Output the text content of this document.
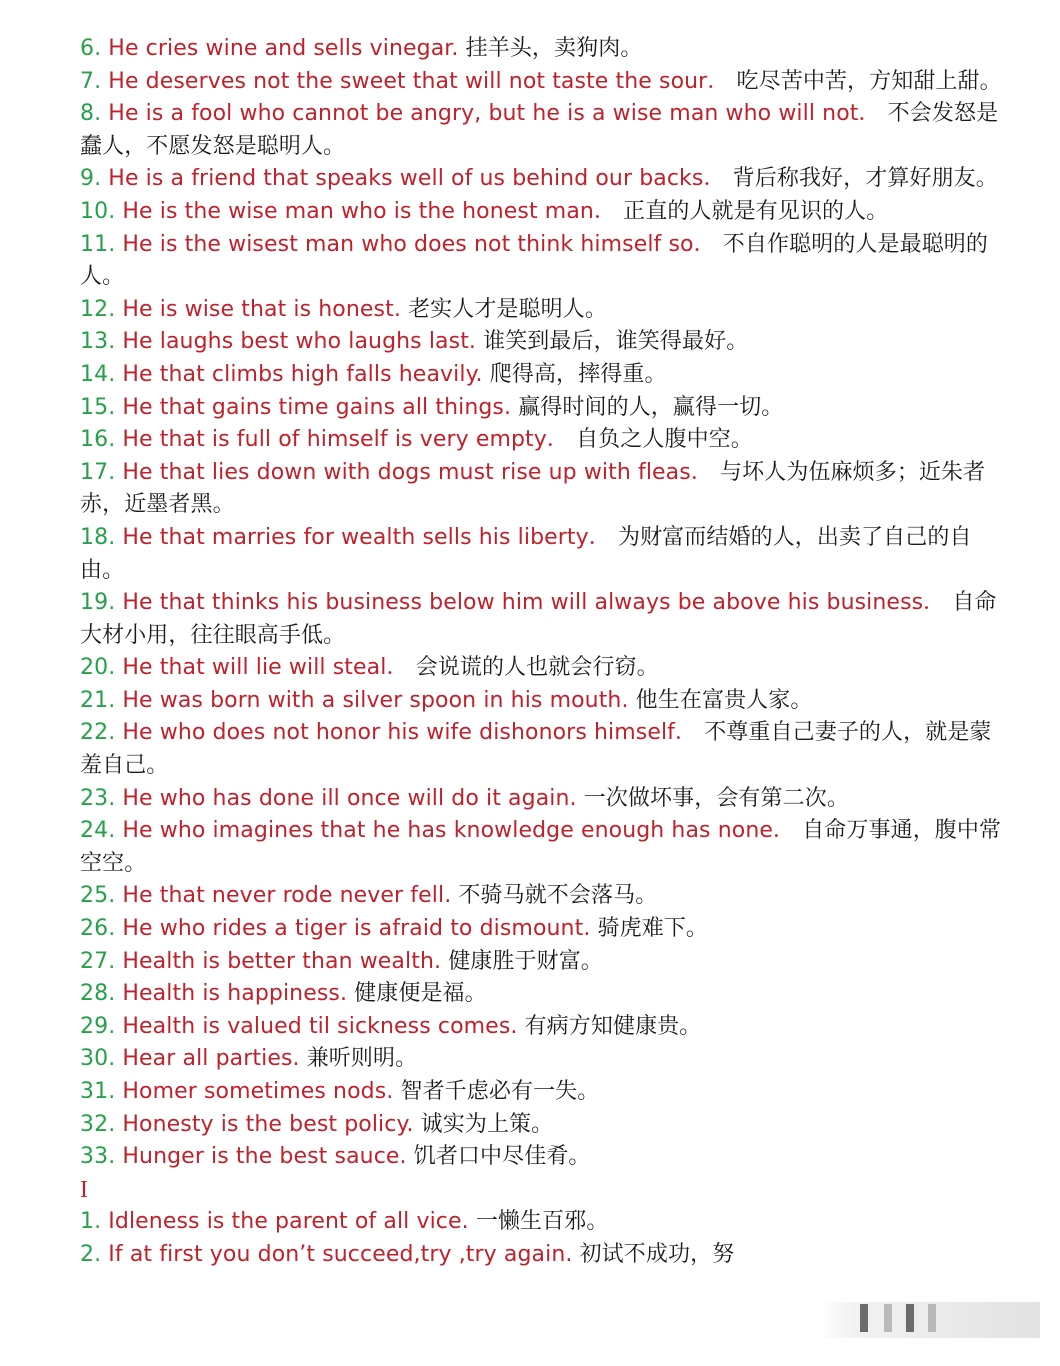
6. He cries wine and sells vinegar. 挂羊头，卖狗肉。
7. He deserves not the sweet that will not taste the sour． 吃尽苦中苦，方知甜上甜。
8. He is a fool who cannot be angry, but he is a wise man who will not． 不会发怒是蠢人，不愿发怒是聪明人。
9. He is a friend that speaks well of us behind our backs． 背后称我好，才算好朋友。
10. He is the wise man who is the honest man． 正直的人就是有见识的人。
11. He is the wisest man who does not think himself so． 不自作聪明的人是最聪明的人。
12. He is wise that is honest. 老实人才是聪明人。
13. He laughs best who laughs last. 谁笑到最后，谁笑得最好。
14. He that climbs high falls heavily. 爬得高，摔得重。
15. He that gains time gains all things. 赢得时间的人，赢得一切。
16. He that is full of himself is very empty． 自负之人腹中空。
17. He that lies down with dogs must rise up with fleas． 与坏人为伍麻烦多；近朱者赤，近墨者黑。
18. He that marries for wealth sells his liberty． 为财富而结婚的人，出卖了自己的自由。
19. He that thinks his business below him will always be above his business． 自命大材小用，往往眼高手低。
20. He that will lie will steal． 会说谎的人也就会行窃。
21. He was born with a silver spoon in his mouth. 他生在富贵人家。
22. He who does not honor his wife dishonors himself． 不尊重自己妻子的人，就是蒙羞自己。
23. He who has done ill once will do it again. 一次做坏事，会有第二次。
24. He who imagines that he has knowledge enough has none． 自命万事通，腹中常空空。
25. He that never rode never fell. 不骑马就不会落马。
26. He who rides a tiger is afraid to dismount. 骑虎难下。
27. Health is better than wealth. 健康胜于财富。
28. Health is happiness. 健康便是福。
29. Health is valued til sickness comes. 有病方知健康贵。
30. Hear all parties. 兼听则明。
31. Homer sometimes nods. 智者千虑必有一失。
32. Honesty is the best policy. 诚实为上策。
33. Hunger is the best sauce. 饥者口中尽佳肴。
I
1. Idleness is the parent of all vice. 一懒生百邪。
2. If at first you don’t succeed,try ,try again. 初试不成功，努
